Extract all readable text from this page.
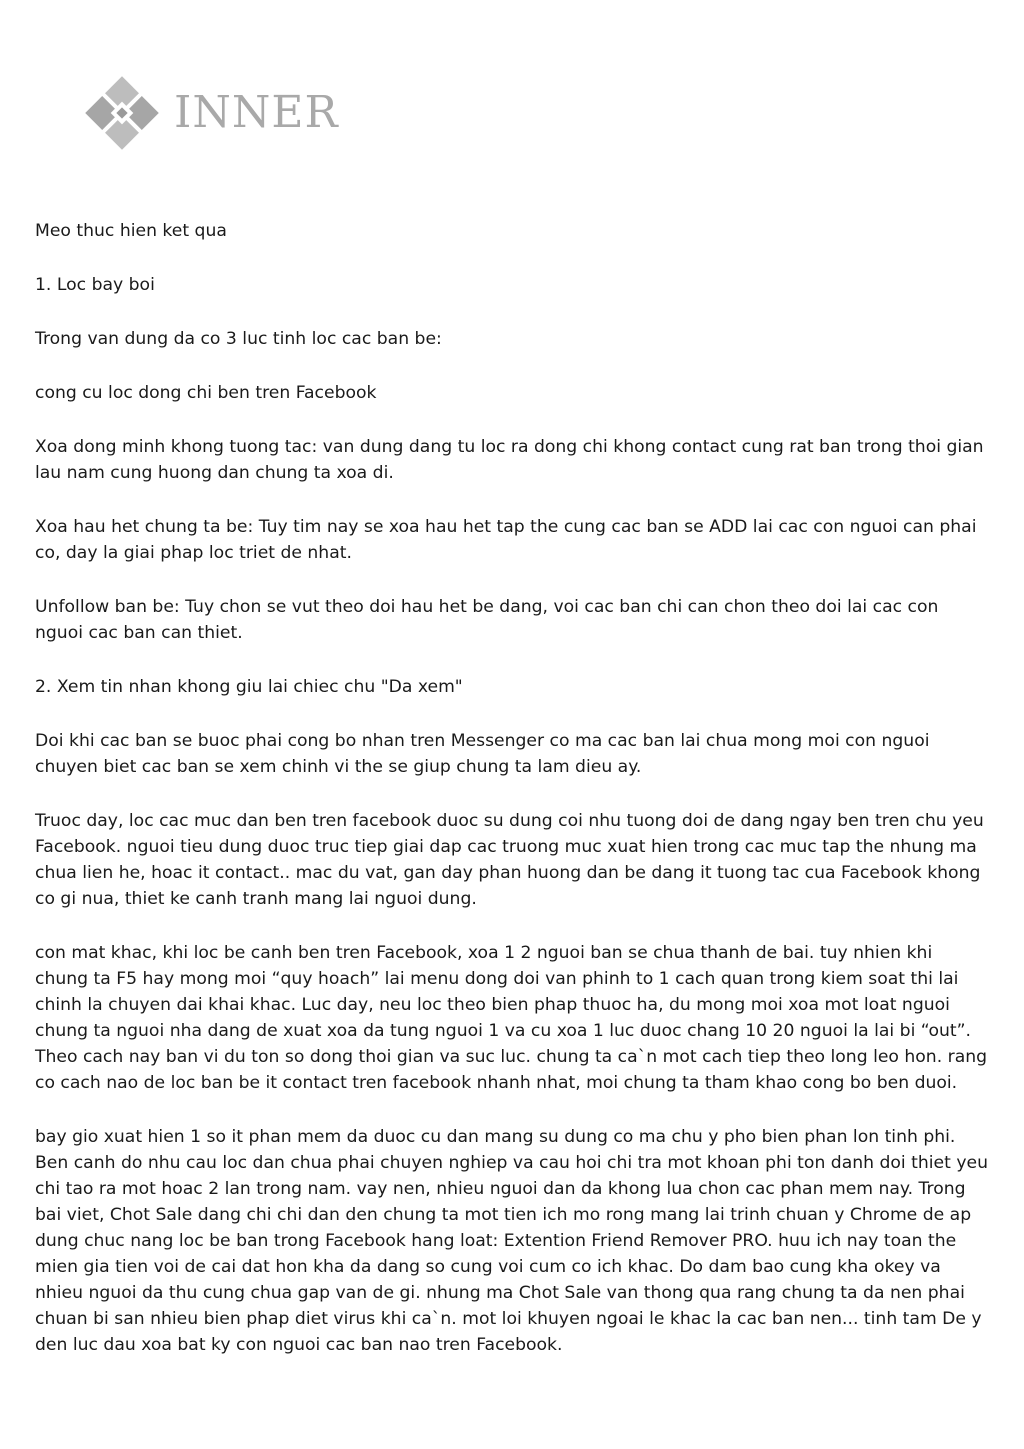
INNER

Meo thuc hien ket qua

1. Loc bay boi

Trong van dung da co 3 luc tinh loc cac ban be:

cong cu loc dong chi ben tren Facebook

Xoa dong minh khong tuong tac: van dung dang tu loc ra dong chi khong contact cung rat ban trong thoi gian lau nam cung huong dan chung ta xoa di.

Xoa hau het chung ta be: Tuy tim nay se xoa hau het tap the cung cac ban se ADD lai cac con nguoi can phai co, day la giai phap loc triet de nhat.

Unfollow ban be: Tuy chon se vut theo doi hau het be dang, voi cac ban chi can chon theo doi lai cac con nguoi cac ban can thiet.

2. Xem tin nhan khong giu lai chiec chu "Da xem"

Doi khi cac ban se buoc phai cong bo nhan tren Messenger co ma cac ban lai chua mong moi con nguoi chuyen biet cac ban se xem chinh vi the se giup chung ta lam dieu ay.

Truoc day, loc cac muc dan ben tren facebook duoc su dung coi nhu tuong doi de dang ngay ben tren chu yeu Facebook. nguoi tieu dung duoc truc tiep giai dap cac truong muc xuat hien trong cac muc tap the nhung ma chua lien he, hoac it contact.. mac du vat, gan day phan huong dan be dang it tuong tac cua Facebook khong co gi nua, thiet ke canh tranh mang lai nguoi dung.

con mat khac, khi loc be canh ben tren Facebook, xoa 1 2 nguoi ban se chua thanh de bai. tuy nhien khi chung ta F5 hay mong moi “quy hoach” lai menu dong doi van phinh to 1 cach quan trong kiem soat thi lai chinh la chuyen dai khai khac. Luc day, neu loc theo bien phap thuoc ha, du mong moi xoa mot loat nguoi chung ta nguoi nha dang de xuat xoa da tung nguoi 1 va cu xoa 1 luc duoc chang 10 20 nguoi la lai bi “out”. Theo cach nay ban vi du ton so dong thoi gian va suc luc. chung ta ca`n mot cach tiep theo long leo hon. rang co cach nao de loc ban be it contact tren facebook nhanh nhat, moi chung ta tham khao cong bo ben duoi.

bay gio xuat hien 1 so it phan mem da duoc cu dan mang su dung co ma chu y pho bien phan lon tinh phi. Ben canh do nhu cau loc dan chua phai chuyen nghiep va cau hoi chi tra mot khoan phi ton danh doi thiet yeu chi tao ra mot hoac 2 lan trong nam. vay nen, nhieu nguoi dan da khong lua chon cac phan mem nay. Trong bai viet, Chot Sale dang chi chi dan den chung ta mot tien ich mo rong mang lai trinh chuan y Chrome de ap dung chuc nang loc be ban trong Facebook hang loat: Extention Friend Remover PRO. huu ich nay toan the mien gia tien voi de cai dat hon kha da dang so cung voi cum co ich khac. Do dam bao cung kha okey va nhieu nguoi da thu cung chua gap van de gi. nhung ma Chot Sale van thong qua rang chung ta da nen phai chuan bi san nhieu bien phap diet virus khi ca`n. mot loi khuyen ngoai le khac la cac ban nen... tinh tam De y den luc dau xoa bat ky con nguoi cac ban nao tren Facebook.
